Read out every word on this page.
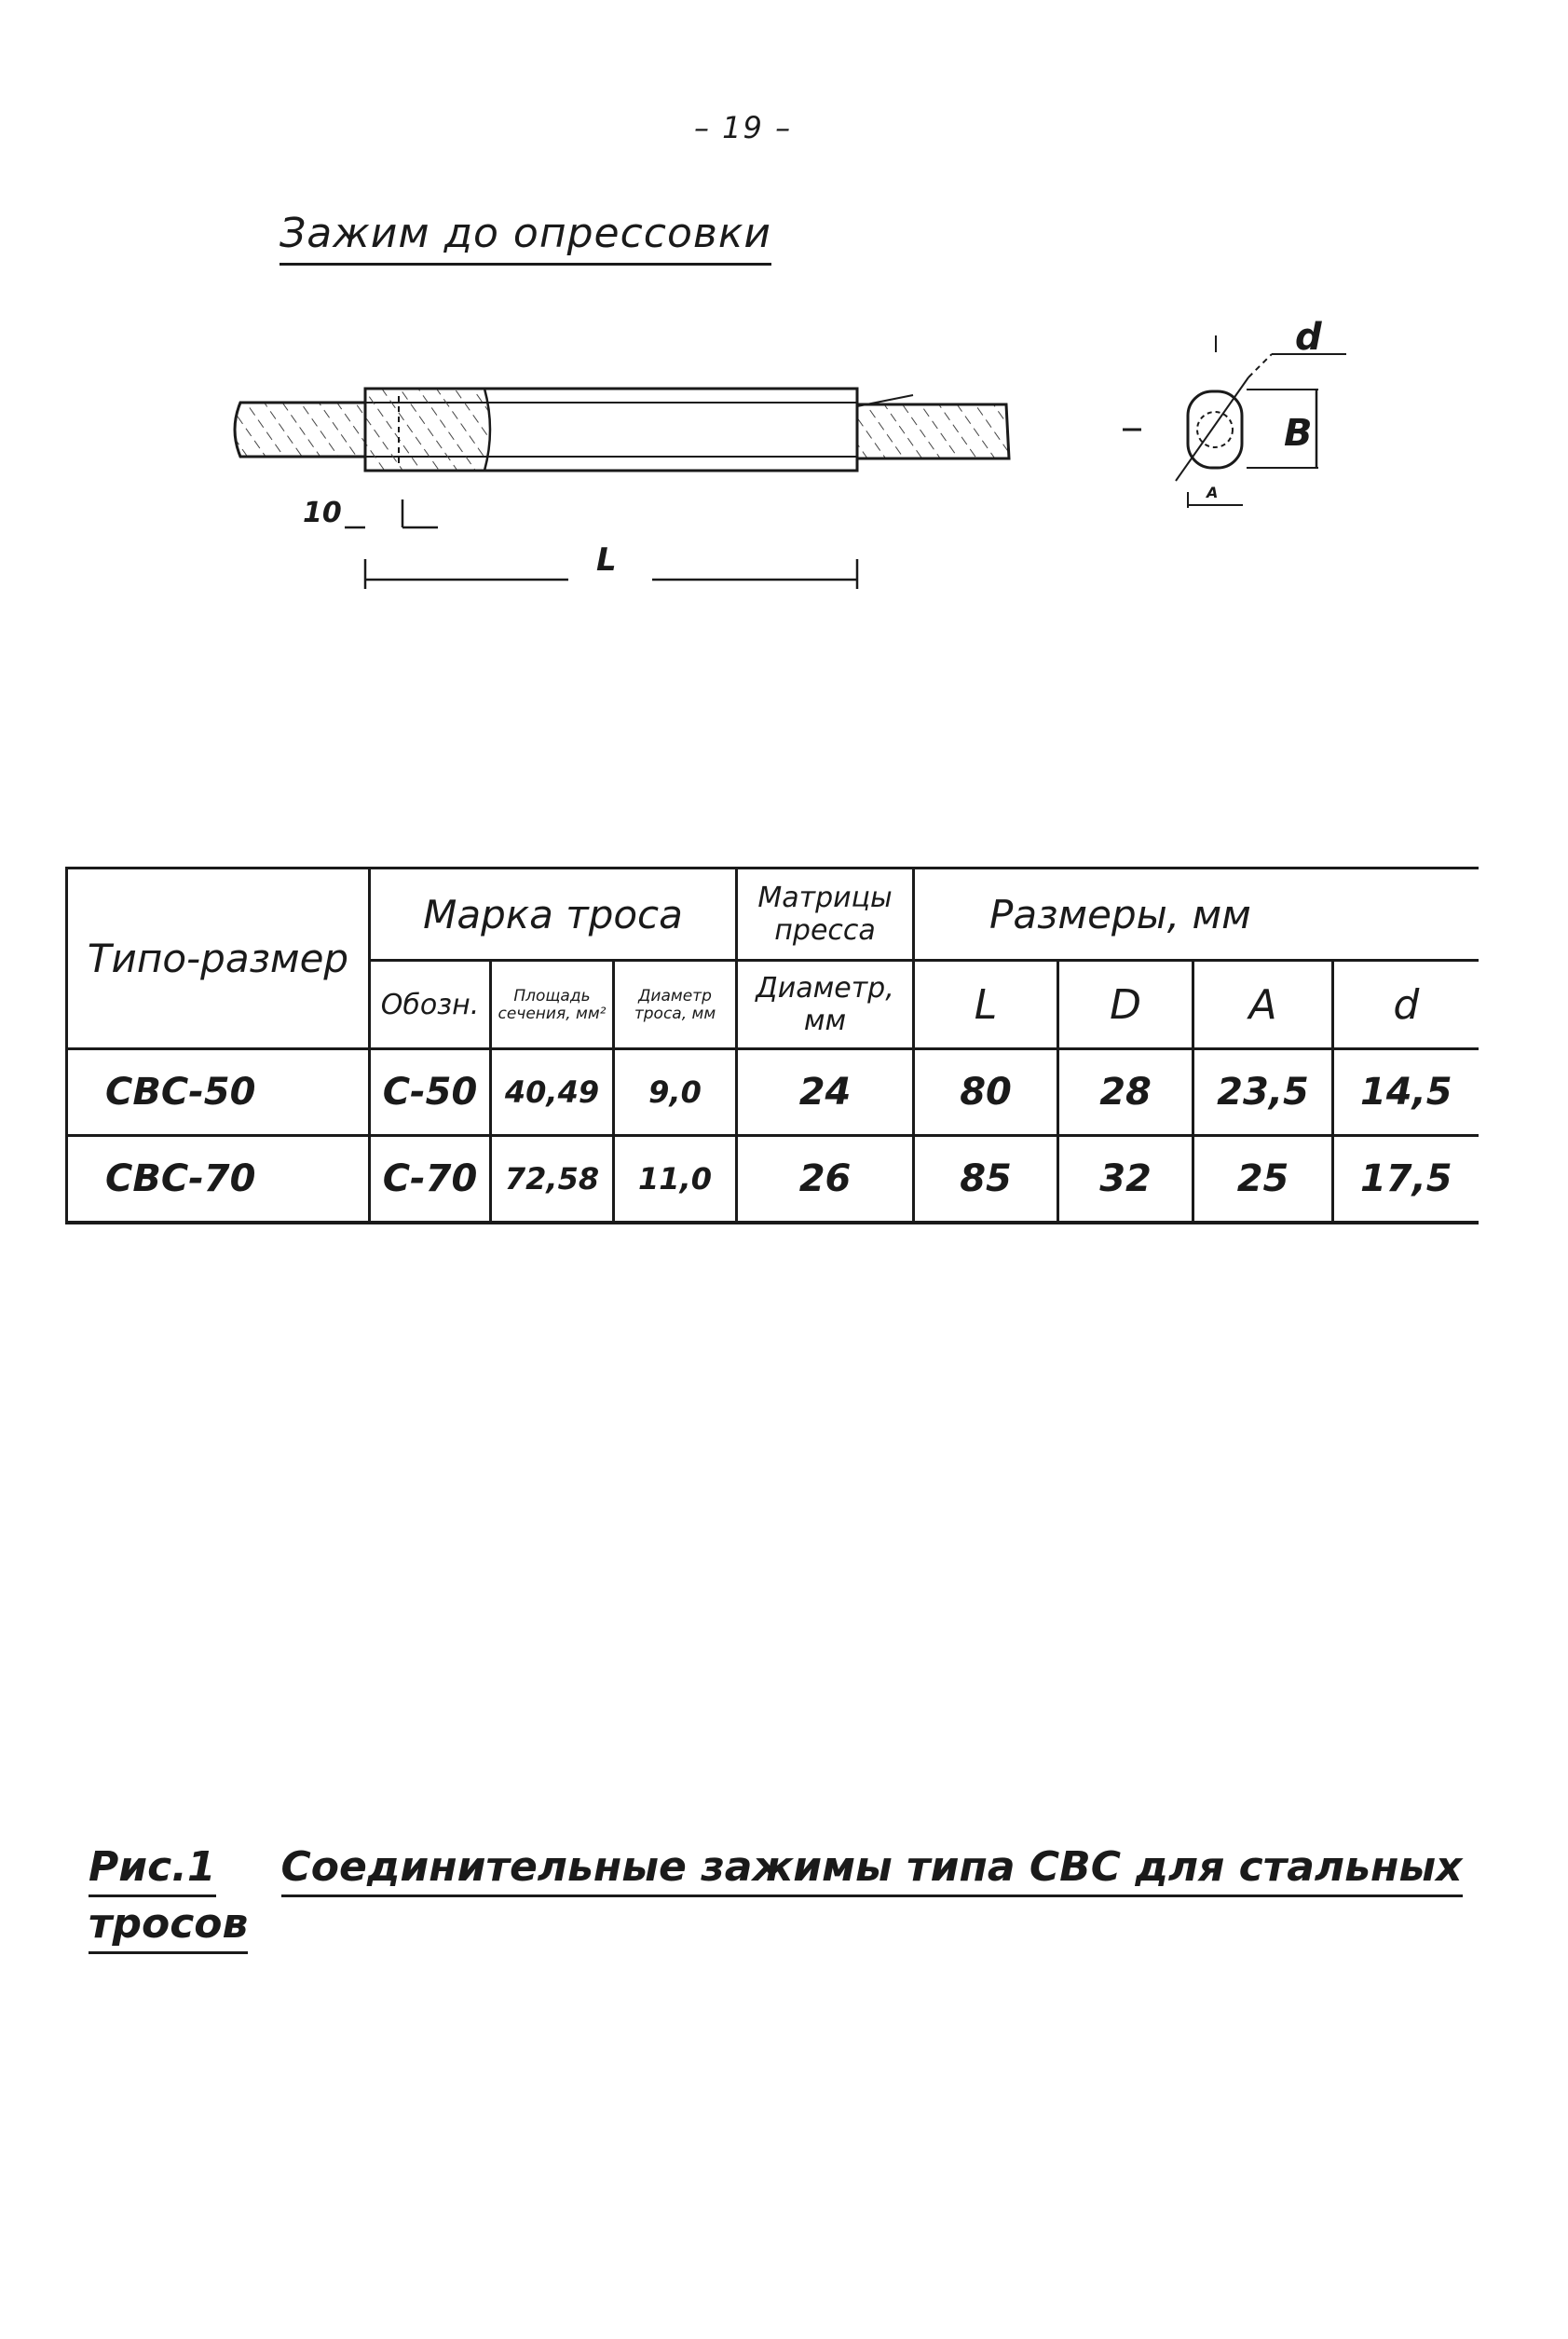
– 19 –
Зажим до опрессовки
10
L
d
B
A
Типо-размер	Марка троса			Матрицы пресса	Размеры, мм			
	Обозн.	Площадь сечения, мм²	Диаметр троса, мм	Диаметр, мм	L	D	A	d
СВС-50	С-50	40,49	9,0	24	80	28	23,5	14,5
СВС-70	С-70	72,58	11,0	26	85	32	25	17,5
Рис.1 Соединительные зажимы типа СВС для стальных тросов
